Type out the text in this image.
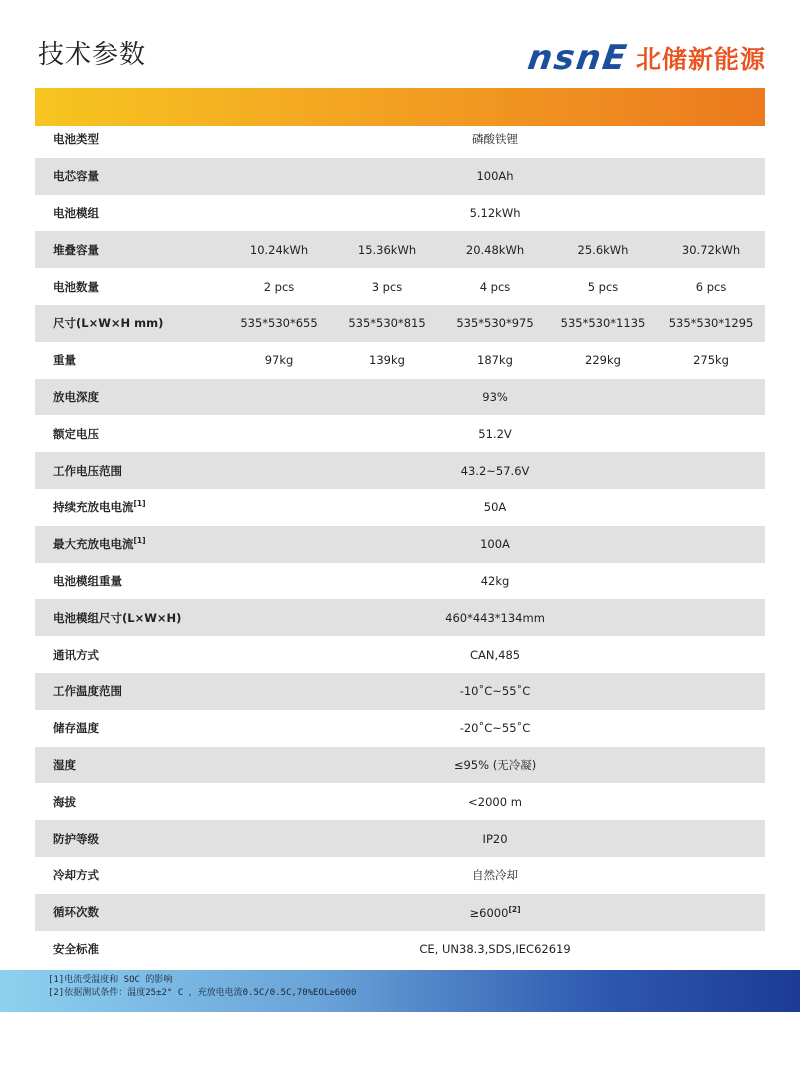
技术参数	nsnE 北储新能源
电池类型	磷酸铁锂				
电芯容量	100Ah				
电池模组	5.12kWh				
堆叠容量	10.24kWh	15.36kWh	20.48kWh	25.6kWh	30.72kWh
电池数量	2 pcs	3 pcs	4 pcs	5 pcs	6 pcs
尺寸(L×W×H mm)	535*530*655	535*530*815	535*530*975	535*530*1135	535*530*1295
重量	97kg	139kg	187kg	229kg	275kg
放电深度	93%				
额定电压	51.2V				
工作电压范围	43.2~57.6V				
持续充放电电流[1]	50A				
最大充放电电流[1]	100A				
电池模组重量	42kg				
电池模组尺寸(L×W×H)	460*443*134mm				
通讯方式	CAN,485				
工作温度范围	-10˚C~55˚C				
储存温度	-20˚C~55˚C				
湿度	≤95% (无冷凝)				
海拔	<2000 m				
防护等级	IP20				
冷却方式	自然冷却				
循环次数	≥6000[2]
安全标准	CE, UN38.3,SDS,IEC62619				
[1]电流受温度和 SOC 的影响
[2]依据测试条件：温度25±2° C ，充放电电流0.5C/0.5C,70%EOL≥6000
